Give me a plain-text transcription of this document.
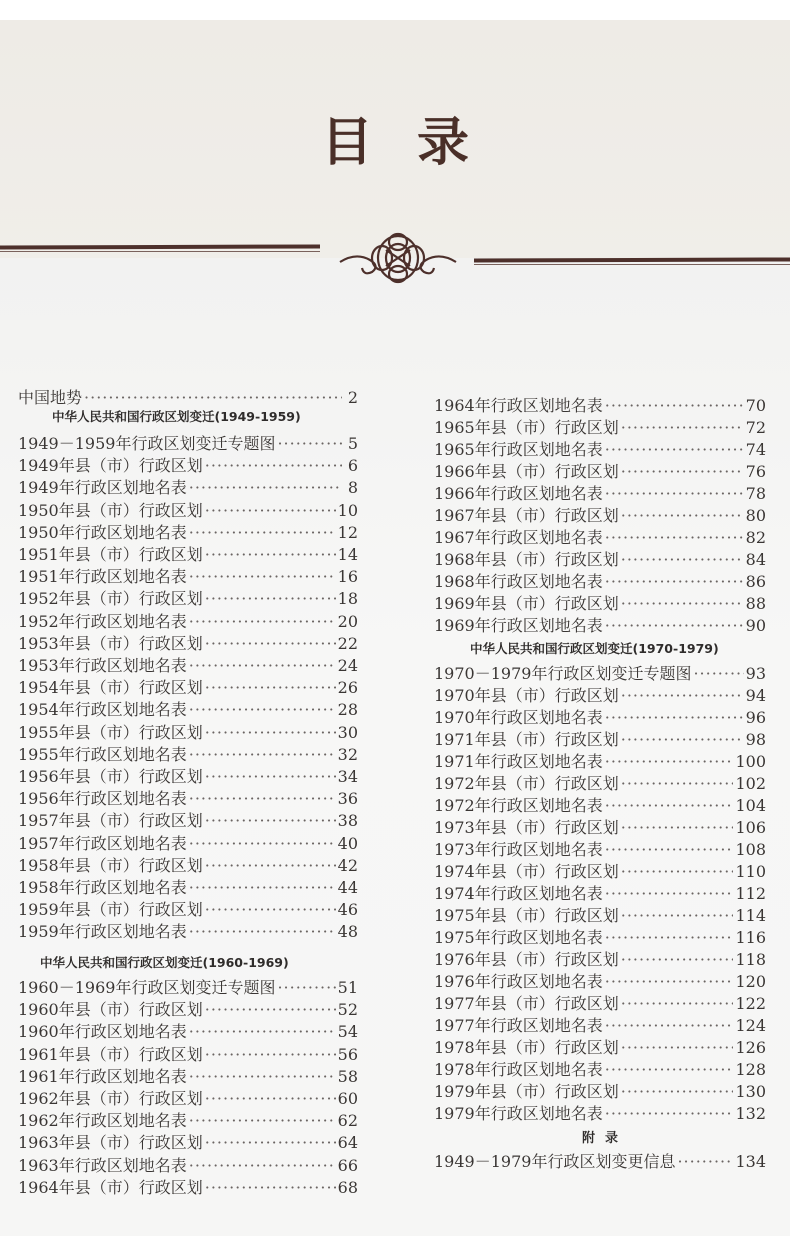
目录
中国地势 ·····	2
中华人民共和国行政区划变迁(1949-1959)
1949－1959年行政区划变迁专题图 ·····	5
1949年县（市）行政区划 ·····	6
1949年行政区划地名表 ·····	8
1950年县（市）行政区划 ·····	10
1950年行政区划地名表 ·····	12
1951年县（市）行政区划 ·····	14
1951年行政区划地名表 ·····	16
1952年县（市）行政区划 ·····	18
1952年行政区划地名表 ·····	20
1953年县（市）行政区划 ·····	22
1953年行政区划地名表 ·····	24
1954年县（市）行政区划 ·····	26
1954年行政区划地名表 ·····	28
1955年县（市）行政区划 ·····	30
1955年行政区划地名表 ·····	32
1956年县（市）行政区划 ·····	34
1956年行政区划地名表 ·····	36
1957年县（市）行政区划 ·····	38
1957年行政区划地名表 ·····	40
1958年县（市）行政区划 ·····	42
1958年行政区划地名表 ·····	44
1959年县（市）行政区划 ·····	46
1959年行政区划地名表 ·····	48
中华人民共和国行政区划变迁(1960-1969)
1960－1969年行政区划变迁专题图 ·····	51
1960年县（市）行政区划 ·····	52
1960年行政区划地名表 ·····	54
1961年县（市）行政区划 ·····	56
1961年行政区划地名表 ·····	58
1962年县（市）行政区划 ·····	60
1962年行政区划地名表 ·····	62
1963年县（市）行政区划 ·····	64
1963年行政区划地名表 ·····	66
1964年县（市）行政区划 ·····	68
1964年行政区划地名表 ·····	70
1965年县（市）行政区划 ·····	72
1965年行政区划地名表 ·····	74
1966年县（市）行政区划 ·····	76
1966年行政区划地名表 ·····	78
1967年县（市）行政区划 ·····	80
1967年行政区划地名表 ·····	82
1968年县（市）行政区划 ·····	84
1968年行政区划地名表 ·····	86
1969年县（市）行政区划 ·····	88
1969年行政区划地名表 ·····	90
中华人民共和国行政区划变迁(1970-1979)
1970－1979年行政区划变迁专题图 ·····	93
1970年县（市）行政区划 ·····	94
1970年行政区划地名表 ·····	96
1971年县（市）行政区划 ·····	98
1971年行政区划地名表 ·····	100
1972年县（市）行政区划 ·····	102
1972年行政区划地名表 ·····	104
1973年县（市）行政区划 ·····	106
1973年行政区划地名表 ·····	108
1974年县（市）行政区划 ·····	110
1974年行政区划地名表 ·····	112
1975年县（市）行政区划 ·····	114
1975年行政区划地名表 ·····	116
1976年县（市）行政区划 ·····	118
1976年行政区划地名表 ·····	120
1977年县（市）行政区划 ·····	122
1977年行政区划地名表 ·····	124
1978年县（市）行政区划 ·····	126
1978年行政区划地名表 ·····	128
1979年县（市）行政区划 ·····	130
1979年行政区划地名表 ·····	132
附录
1949－1979年行政区划变更信息 ·····	134
